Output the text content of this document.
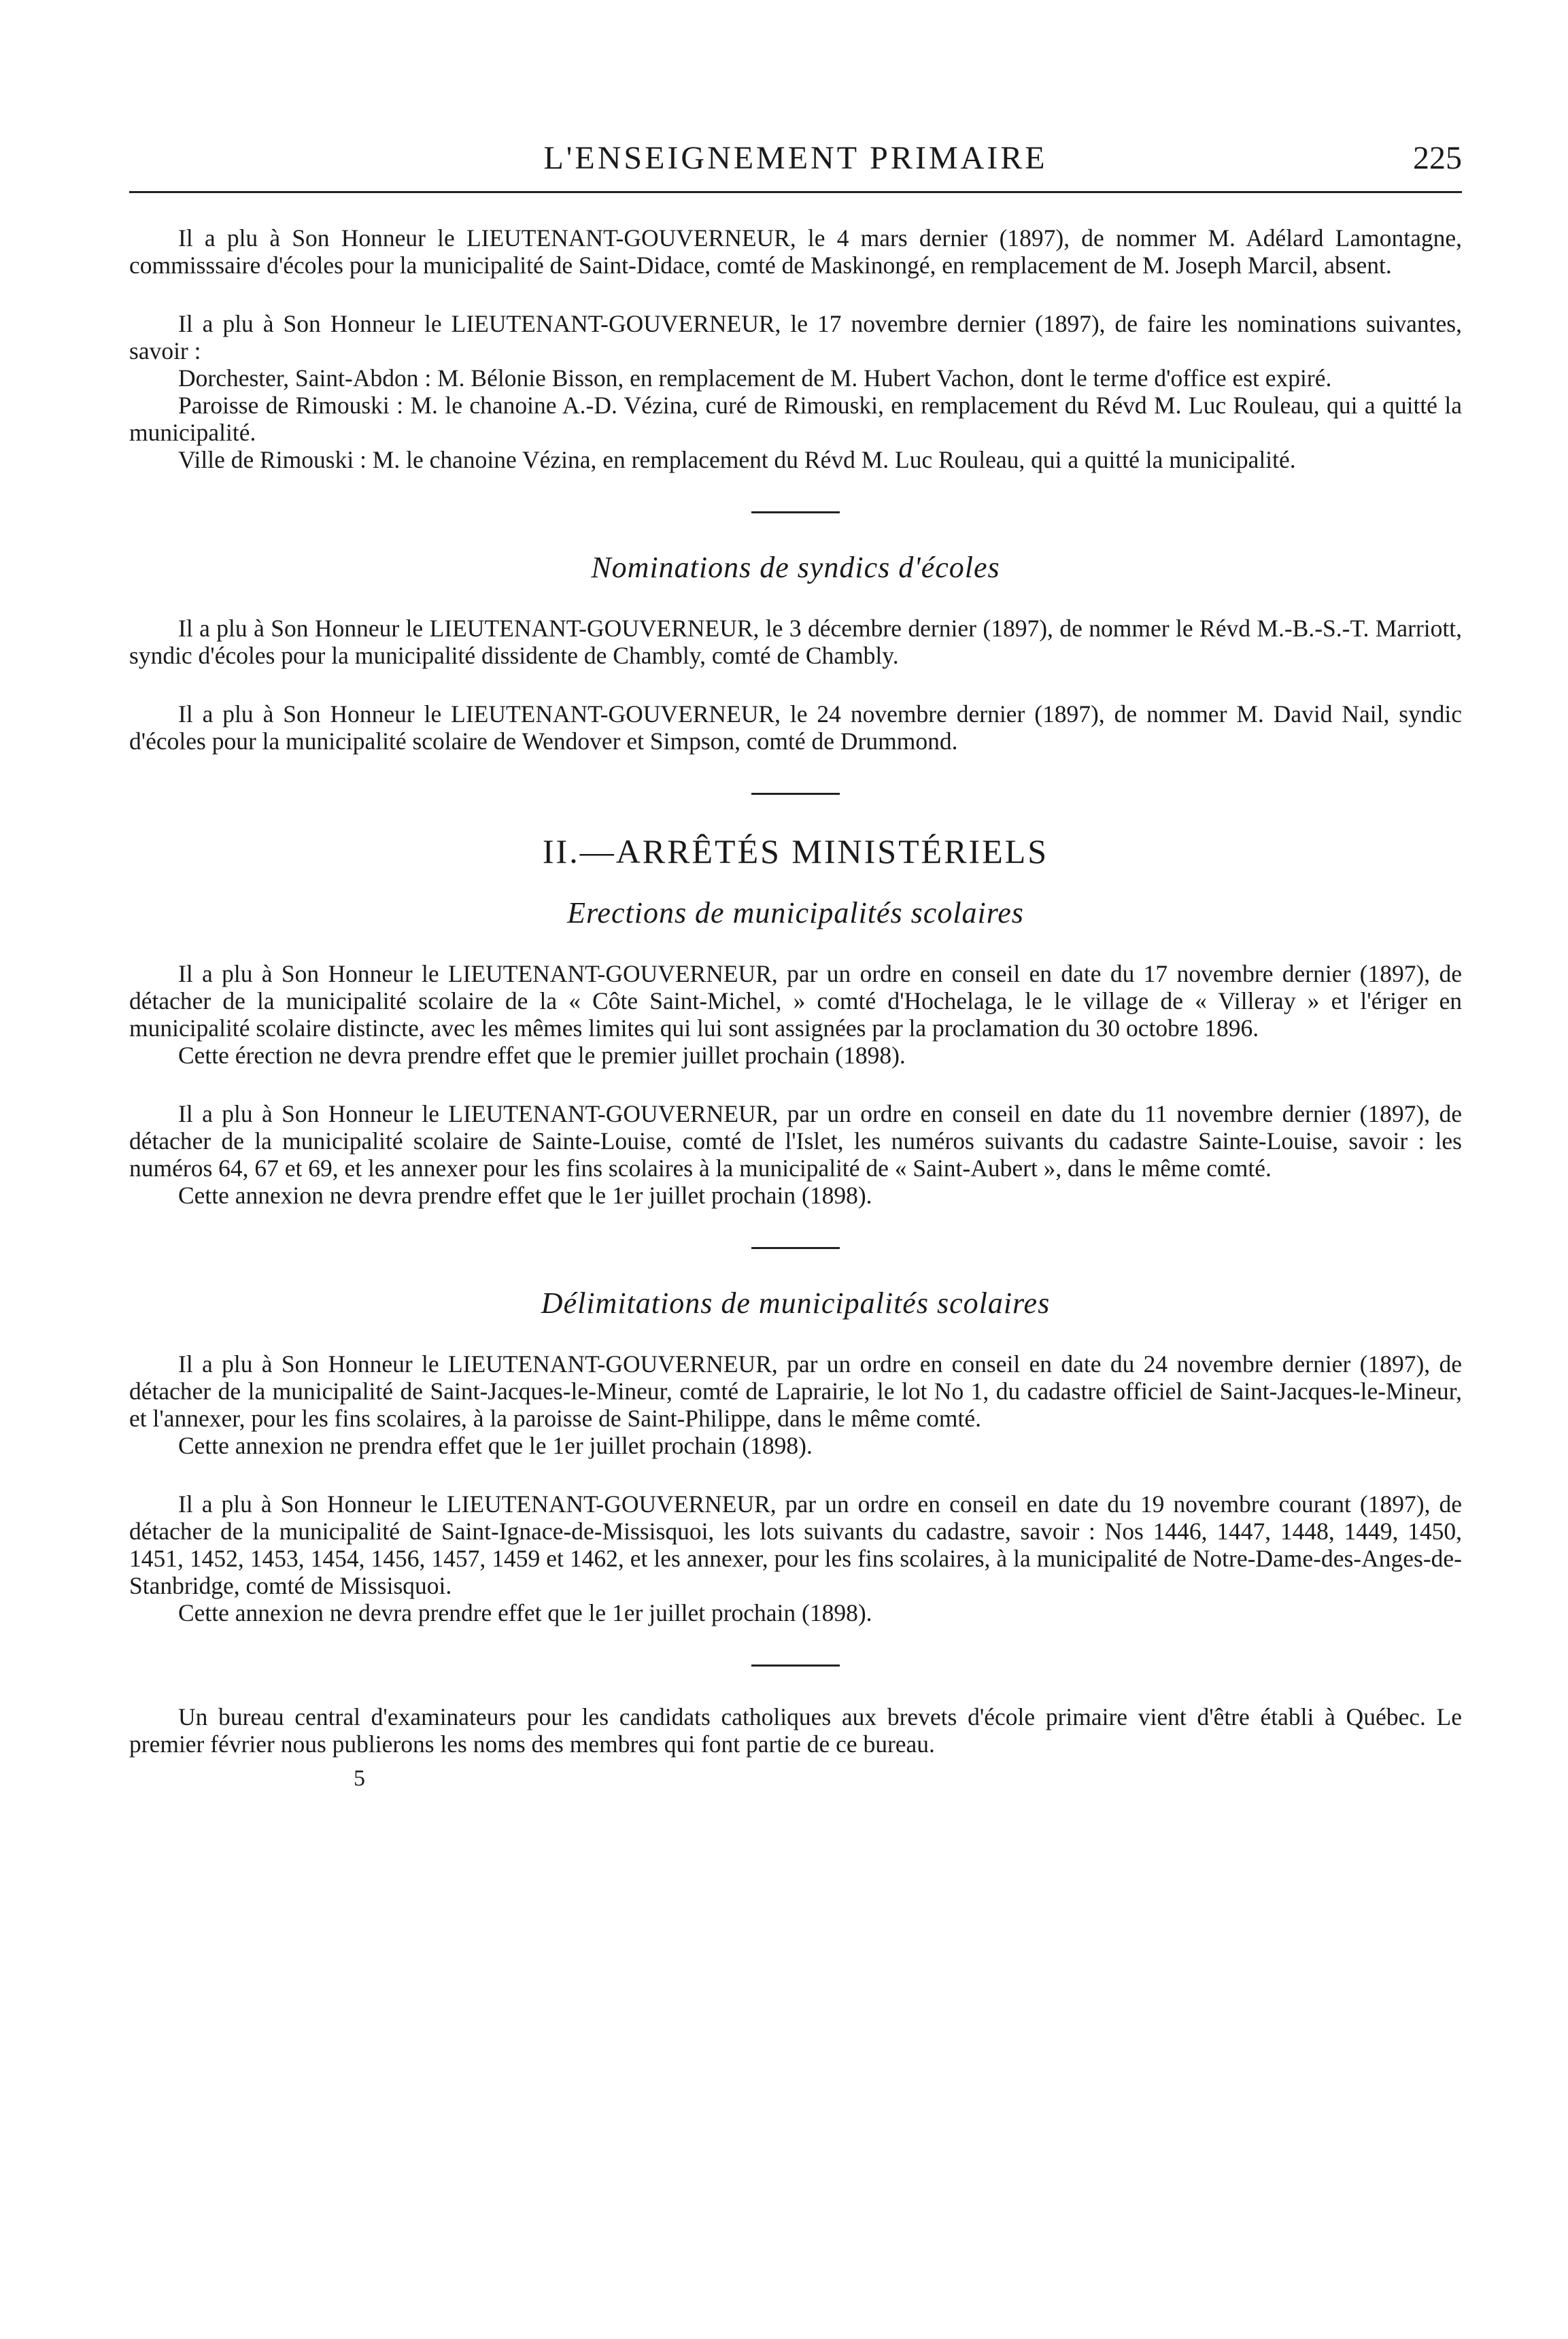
L'ENSEIGNEMENT PRIMAIRE	225

Il a plu à Son Honneur le LIEUTENANT-GOUVERNEUR, le 4 mars dernier (1897), de nommer M. Adélard Lamontagne, commisssaire d'écoles pour la municipalité de Saint-Didace, comté de Maskinongé, en remplacement de M. Joseph Marcil, absent.

Il a plu à Son Honneur le LIEUTENANT-GOUVERNEUR, le 17 novembre dernier (1897), de faire les nominations suivantes, savoir :

Dorchester, Saint-Abdon : M. Bélonie Bisson, en remplacement de M. Hubert Vachon, dont le terme d'office est expiré.

Paroisse de Rimouski : M. le chanoine A.-D. Vézina, curé de Rimouski, en remplacement du Révd M. Luc Rouleau, qui a quitté la municipalité.

Ville de Rimouski : M. le chanoine Vézina, en remplacement du Révd M. Luc Rouleau, qui a quitté la municipalité.

Nominations de syndics d'écoles

Il a plu à Son Honneur le LIEUTENANT-GOUVERNEUR, le 3 décembre dernier (1897), de nommer le Révd M.-B.-S.-T. Marriott, syndic d'écoles pour la municipalité dissidente de Chambly, comté de Chambly.

Il a plu à Son Honneur le LIEUTENANT-GOUVERNEUR, le 24 novembre dernier (1897), de nommer M. David Nail, syndic d'écoles pour la municipalité scolaire de Wendover et Simpson, comté de Drummond.

II.—ARRÊTÉS MINISTÉRIELS
Erections de municipalités scolaires

Il a plu à Son Honneur le LIEUTENANT-GOUVERNEUR, par un ordre en conseil en date du 17 novembre dernier (1897), de détacher de la municipalité scolaire de la « Côte Saint-Michel, » comté d'Hochelaga, le le village de « Villeray » et l'ériger en municipalité scolaire distincte, avec les mêmes limites qui lui sont assignées par la proclamation du 30 octobre 1896.

Cette érection ne devra prendre effet que le premier juillet prochain (1898).

Il a plu à Son Honneur le LIEUTENANT-GOUVERNEUR, par un ordre en conseil en date du 11 novembre dernier (1897), de détacher de la municipalité scolaire de Sainte-Louise, comté de l'Islet, les numéros suivants du cadastre Sainte-Louise, savoir : les numéros 64, 67 et 69, et les annexer pour les fins scolaires à la municipalité de « Saint-Aubert », dans le même comté.

Cette annexion ne devra prendre effet que le 1er juillet prochain (1898).

Délimitations de municipalités scolaires

Il a plu à Son Honneur le LIEUTENANT-GOUVERNEUR, par un ordre en conseil en date du 24 novembre dernier (1897), de détacher de la municipalité de Saint-Jacques-le-Mineur, comté de Laprairie, le lot No 1, du cadastre officiel de Saint-Jacques-le-Mineur, et l'annexer, pour les fins scolaires, à la paroisse de Saint-Philippe, dans le même comté.

Cette annexion ne prendra effet que le 1er juillet prochain (1898).

Il a plu à Son Honneur le LIEUTENANT-GOUVERNEUR, par un ordre en conseil en date du 19 novembre courant (1897), de détacher de la municipalité de Saint-Ignace-de-Missisquoi, les lots suivants du cadastre, savoir : Nos 1446, 1447, 1448, 1449, 1450, 1451, 1452, 1453, 1454, 1456, 1457, 1459 et 1462, et les annexer, pour les fins scolaires, à la municipalité de Notre-Dame-des-Anges-de-Stanbridge, comté de Missisquoi.

Cette annexion ne devra prendre effet que le 1er juillet prochain (1898).

Un bureau central d'examinateurs pour les candidats catholiques aux brevets d'école primaire vient d'être établi à Québec. Le premier février nous publierons les noms des membres qui font partie de ce bureau.

5
